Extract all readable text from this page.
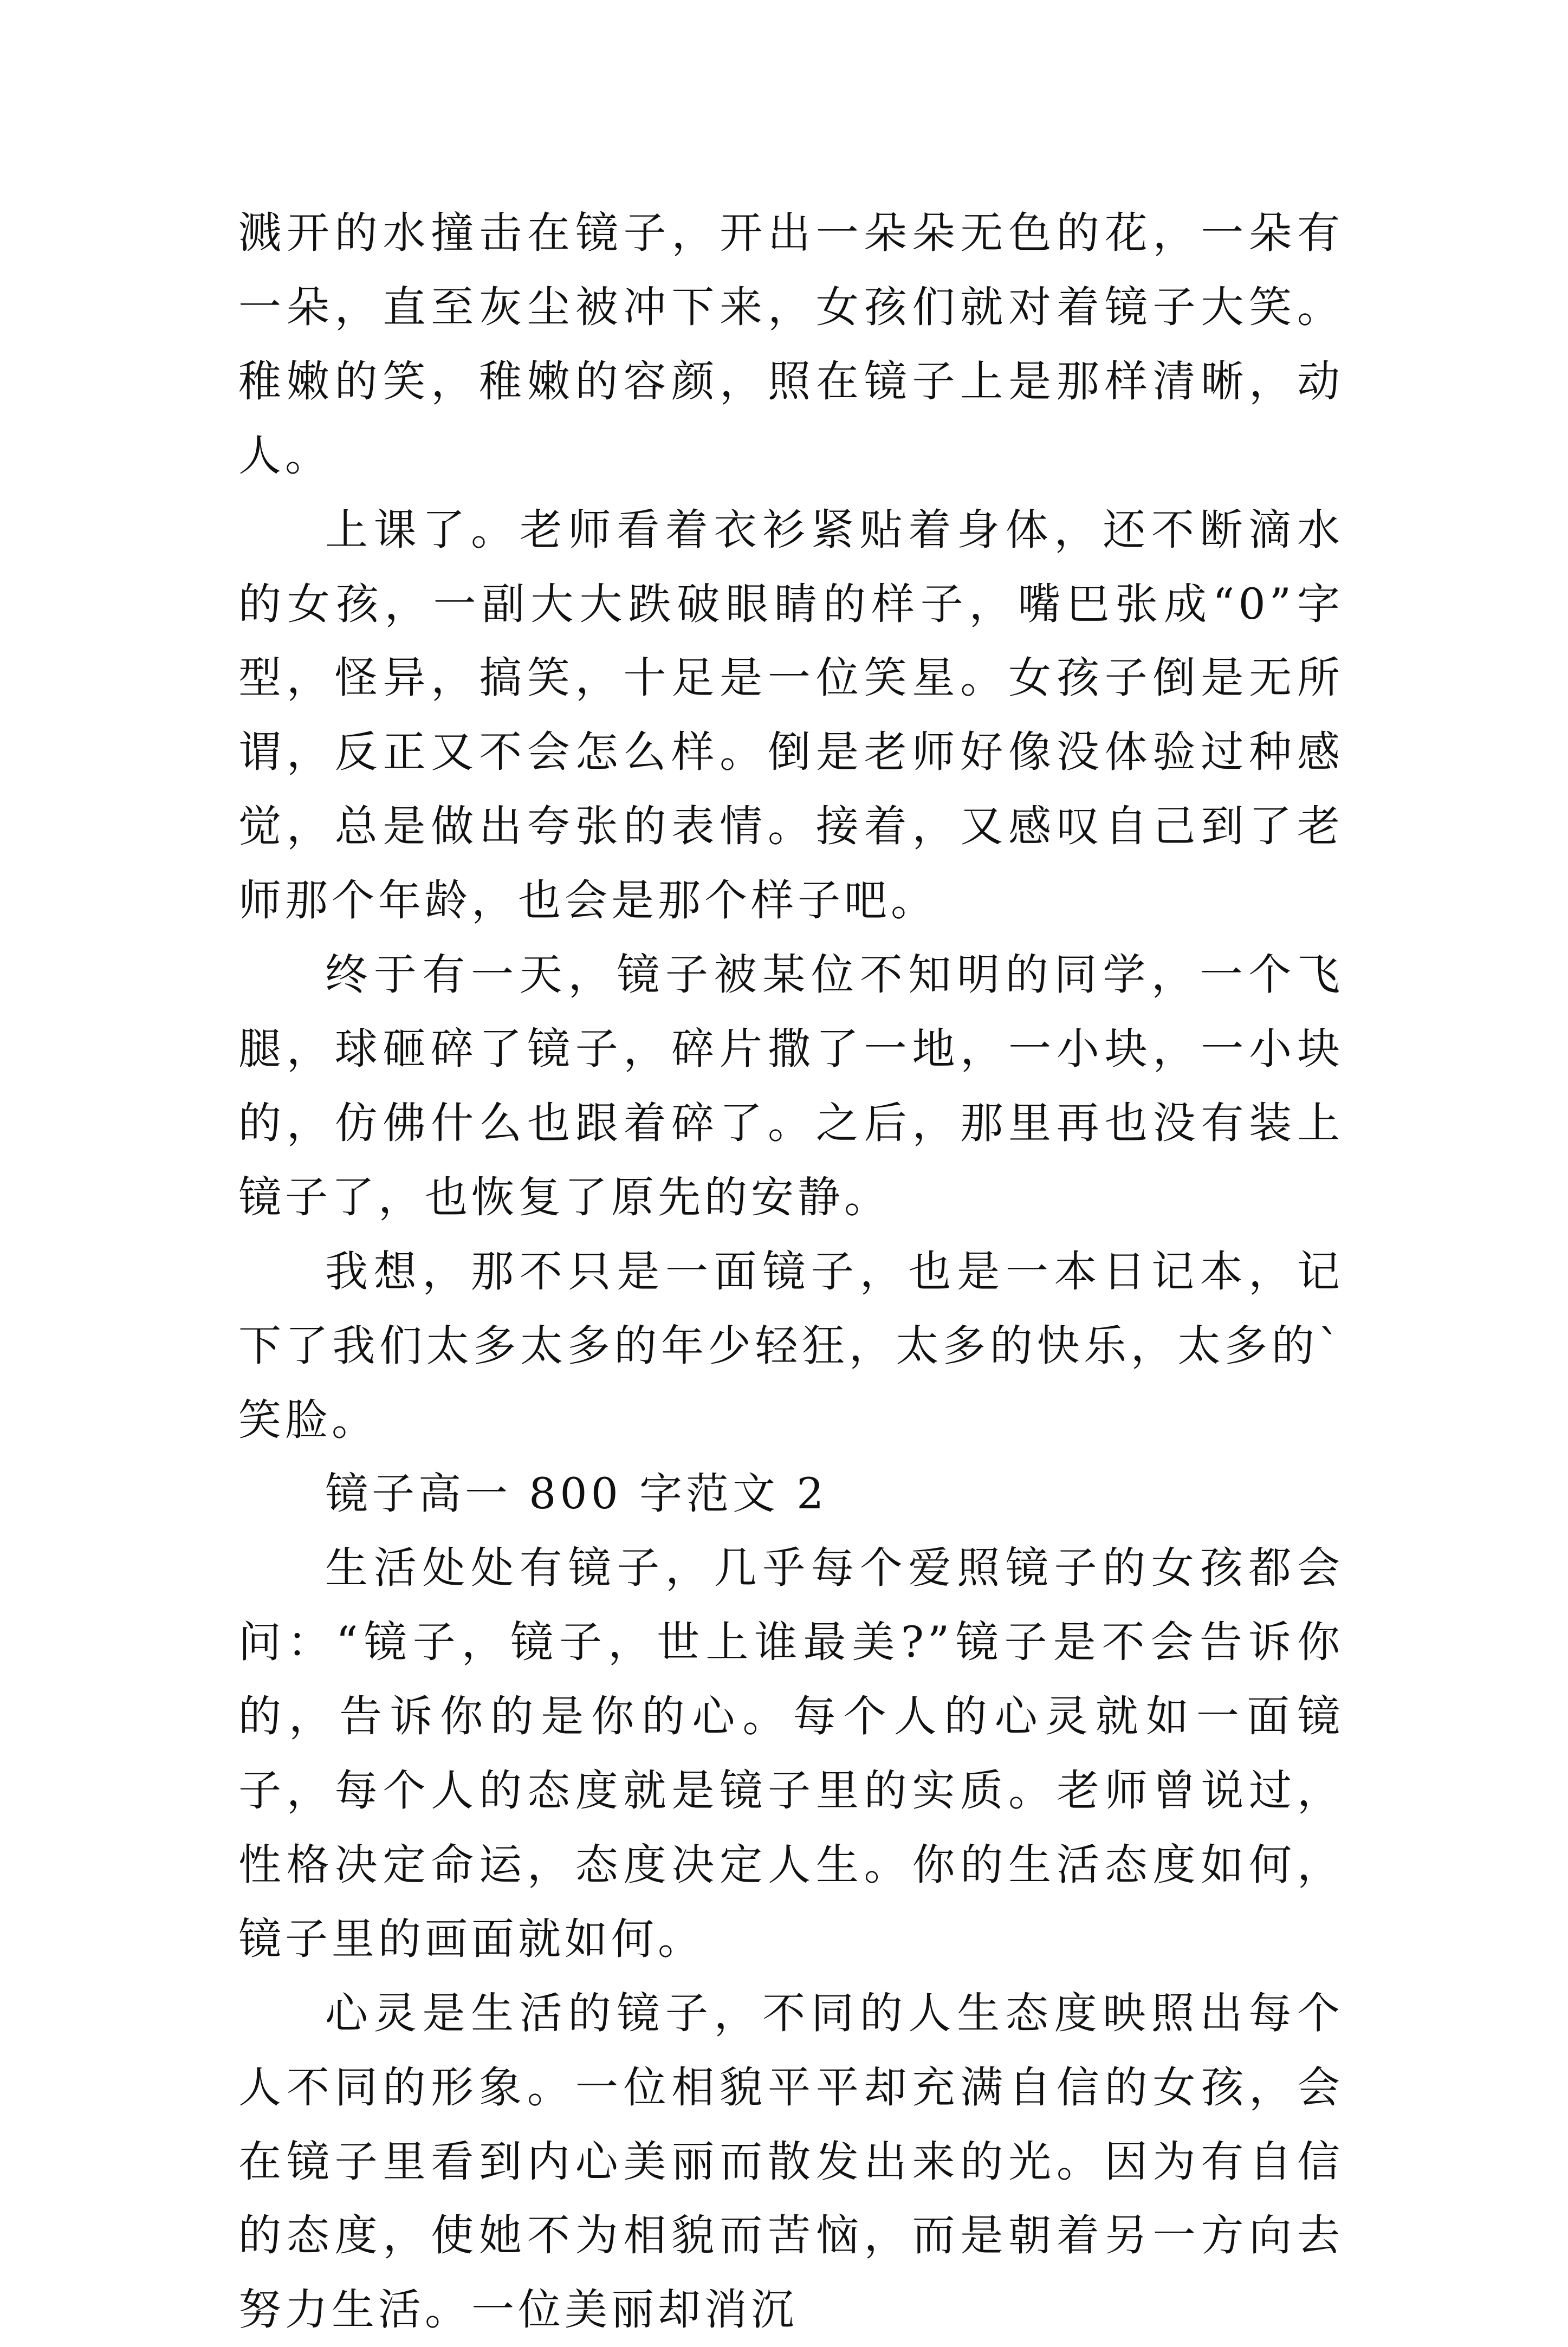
溅开的水撞击在镜子，开出一朵朵无色的花，一朵有一朵，直至灰尘被冲下来，女孩们就对着镜子大笑。稚嫩的笑，稚嫩的容颜，照在镜子上是那样清晰，动人。

上课了。老师看着衣衫紧贴着身体，还不断滴水的女孩，一副大大跌破眼睛的样子，嘴巴张成“0”字型，怪异，搞笑，十足是一位笑星。女孩子倒是无所谓，反正又不会怎么样。倒是老师好像没体验过种感觉，总是做出夸张的表情。接着，又感叹自己到了老师那个年龄，也会是那个样子吧。

终于有一天，镜子被某位不知明的同学，一个飞腿，球砸碎了镜子，碎片撒了一地，一小块，一小块的，仿佛什么也跟着碎了。之后，那里再也没有装上镜子了，也恢复了原先的安静。

我想，那不只是一面镜子，也是一本日记本，记下了我们太多太多的年少轻狂，太多的快乐，太多的`笑脸。

镜子高一 800 字范文 2

生活处处有镜子，几乎每个爱照镜子的女孩都会问：“镜子，镜子，世上谁最美?”镜子是不会告诉你的，告诉你的是你的心。每个人的心灵就如一面镜子，每个人的态度就是镜子里的实质。老师曾说过，性格决定命运，态度决定人生。你的生活态度如何，镜子里的画面就如何。

心灵是生活的镜子，不同的人生态度映照出每个人不同的形象。一位相貌平平却充满自信的女孩，会在镜子里看到内心美丽而散发出来的光。因为有自信的态度，使她不为相貌而苦恼，而是朝着另一方向去努力生活。一位美丽却消沉
